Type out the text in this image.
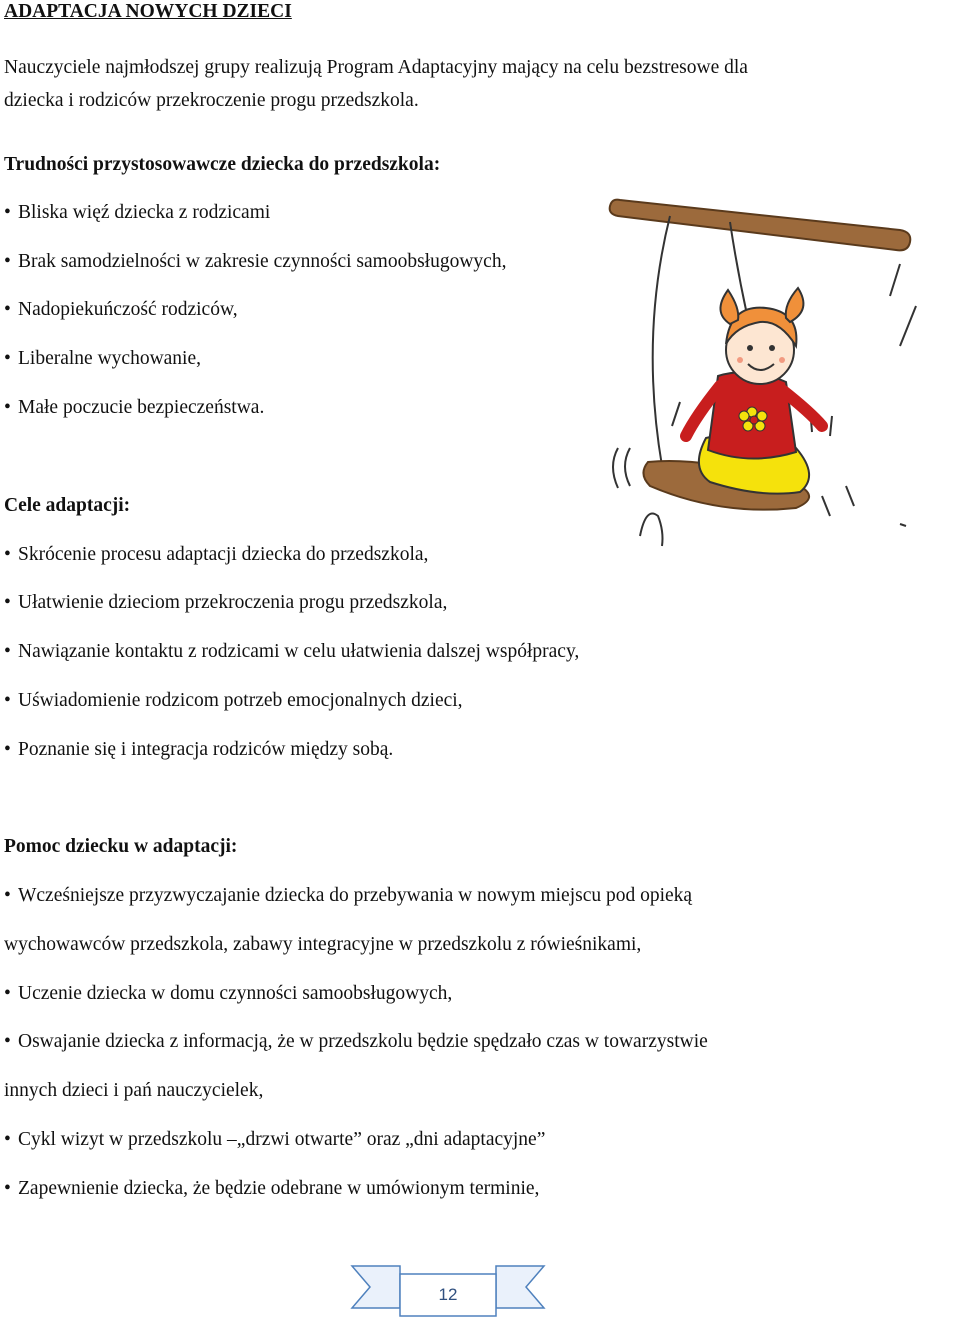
ADAPTACJA NOWYCH DZIECI
Nauczyciele najmłodszej grupy realizują Program Adaptacyjny mający na celu bezstresowe dla
dziecka i rodziców przekroczenie progu przedszkola.
Trudności przystosowawcze dziecka do przedszkola:
• Bliska więź dziecka z rodzicami
• Brak samodzielności w zakresie czynności samoobsługowych,
• Nadopiekuńczość rodziców,
• Liberalne wychowanie,
• Małe poczucie bezpieczeństwa.
Cele adaptacji:
• Skrócenie procesu adaptacji dziecka do przedszkola,
• Ułatwienie dzieciom przekroczenia progu przedszkola,
• Nawiązanie kontaktu z rodzicami w celu ułatwienia dalszej współpracy,
• Uświadomienie rodzicom potrzeb emocjonalnych dzieci,
• Poznanie się i integracja rodziców między sobą.
Pomoc dziecku w adaptacji:
• Wcześniejsze przyzwyczajanie dziecka do przebywania w nowym miejscu pod opieką
wychowawców przedszkola, zabawy integracyjne w przedszkolu z rówieśnikami,
• Uczenie dziecka w domu czynności samoobsługowych,
• Oswajanie dziecka z informacją, że w przedszkolu będzie spędzało czas w towarzystwie
innych dzieci i pań nauczycielek,
• Cykl wizyt w przedszkolu –„drzwi otwarte” oraz „dni adaptacyjne”
• Zapewnienie dziecka, że będzie odebrane w umówionym terminie,
12
